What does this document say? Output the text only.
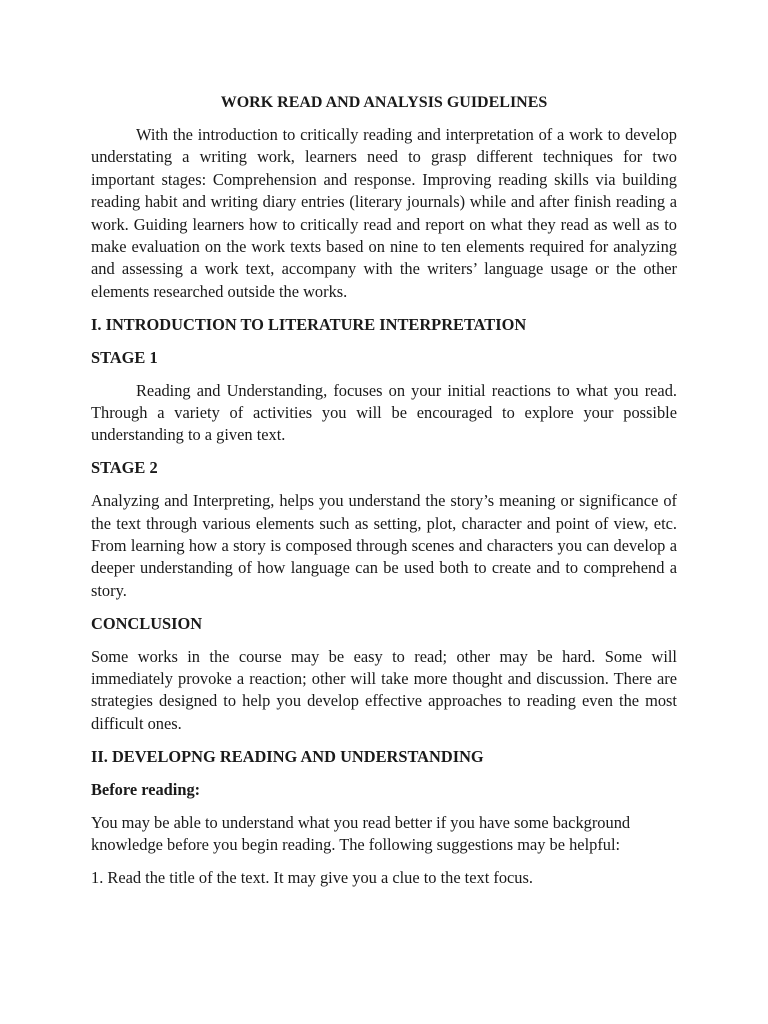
WORK READ AND ANALYSIS GUIDELINES

With the introduction to critically reading and interpretation of a work to develop understating a writing work, learners need to grasp different techniques for two important stages: Comprehension and response. Improving reading skills via building reading habit and writing diary entries (literary journals) while and after finish reading a work. Guiding learners how to critically read and report on what they read as well as to make evaluation on the work texts based on nine to ten elements required for analyzing and assessing a work text, accompany with the writers’ language usage or the other elements researched outside the works.

I. INTRODUCTION TO LITERATURE INTERPRETATION
STAGE 1

Reading and Understanding, focuses on your initial reactions to what you read. Through a variety of activities you will be encouraged to explore your possible understanding to a given text.

STAGE 2

Analyzing and Interpreting, helps you understand the story’s meaning or significance of the text through various elements such as setting, plot, character and point of view, etc. From learning how a story is composed through scenes and characters you can develop a deeper understanding of how language can be used both to create and to comprehend a story.

CONCLUSION

Some works in the course may be easy to read; other may be hard. Some will immediately provoke a reaction; other will take more thought and discussion. There are strategies designed to help you develop effective approaches to reading even the most difficult ones.

II. DEVELOPNG READING AND UNDERSTANDING
Before reading:

You may be able to understand what you read better if you have some background knowledge before you begin reading. The following suggestions may be helpful:

1. Read the title of the text. It may give you a clue to the text focus.
